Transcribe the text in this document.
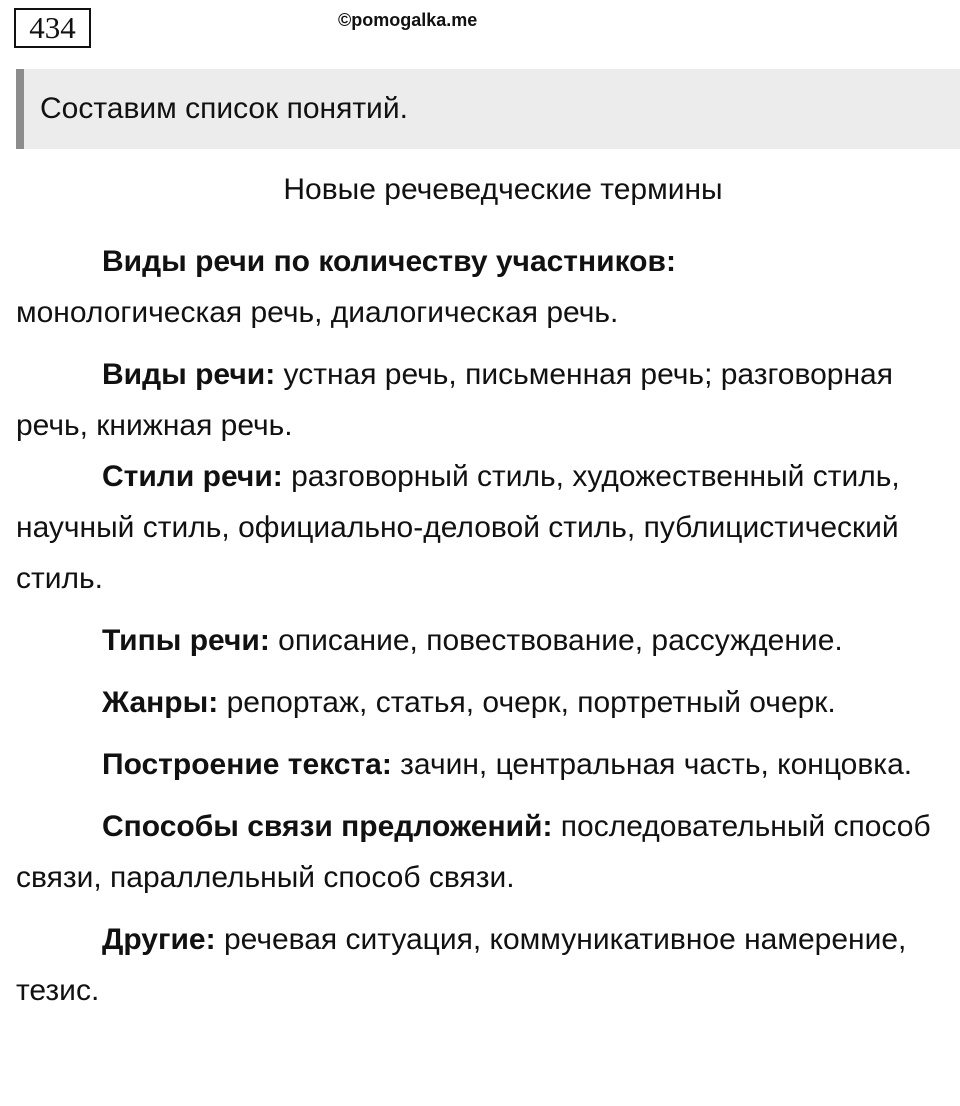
434	©pomogalka.me
Составим список понятий.
Новые речеведческие термины

Виды речи по количеству участников:
монологическая речь, диалогическая речь.

Виды речи: устная речь, письменная речь; разговорная речь, книжная речь.

Стили речи: разговорный стиль, художественный стиль, научный стиль, официально-деловой стиль, публицистический стиль.

Типы речи: описание, повествование, рассуждение.

Жанры: репортаж, статья, очерк, портретный очерк.

Построение текста: зачин, центральная часть, концовка.

Способы связи предложений: последовательный способ связи, параллельный способ связи.

Другие: речевая ситуация, коммуникативное намерение, тезис.
